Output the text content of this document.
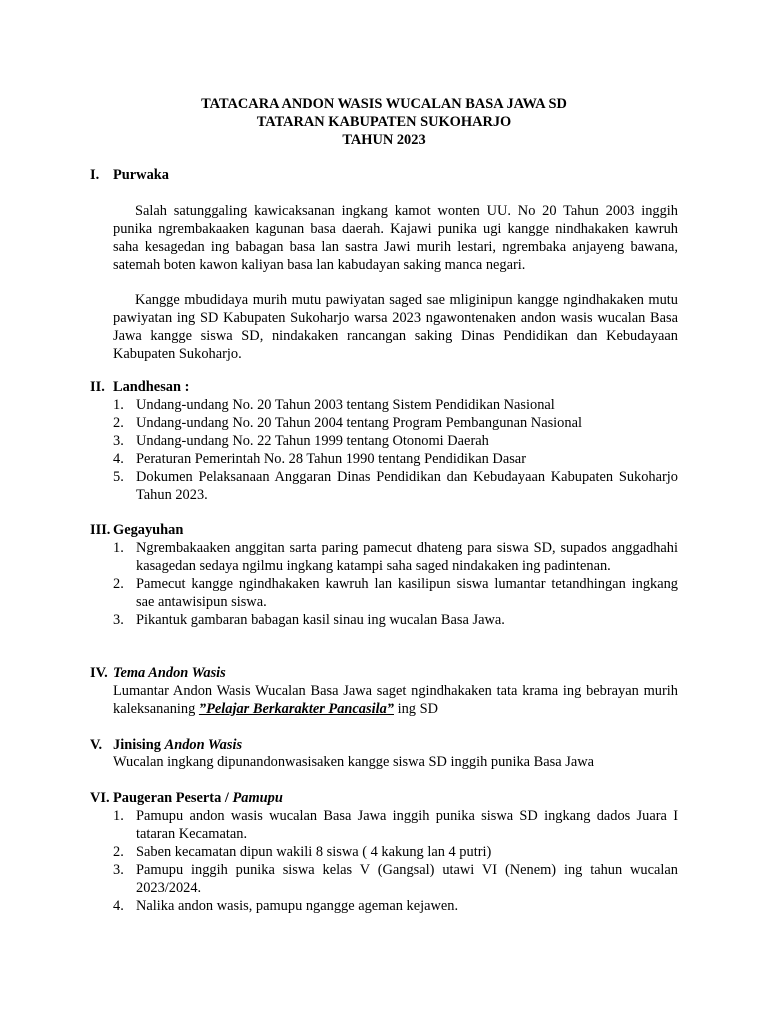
TATACARA ANDON WASIS WUCALAN BASA JAWA SD
TATARAN KABUPATEN SUKOHARJO
TAHUN 2023
I. Purwaka
Salah satunggaling kawicaksanan ingkang kamot wonten UU. No 20 Tahun 2003 inggih punika ngrembakaaken kagunan basa daerah. Kajawi punika ugi kangge nindhakaken kawruh saha kesagedan ing babagan basa lan sastra Jawi murih lestari, ngrembaka anjayeng bawana, satemah boten kawon kaliyan basa lan kabudayan saking manca negari.
Kangge mbudidaya murih mutu pawiyatan saged sae mliginipun kangge ngindhakaken mutu pawiyatan ing SD Kabupaten Sukoharjo warsa 2023 ngawontenaken andon wasis wucalan Basa Jawa kangge siswa SD, nindakaken rancangan saking Dinas Pendidikan dan Kebudayaan Kabupaten Sukoharjo.
II. Landhesan :
1. Undang-undang No. 20 Tahun 2003 tentang Sistem Pendidikan Nasional
2. Undang-undang No. 20 Tahun 2004 tentang Program Pembangunan Nasional
3. Undang-undang No. 22 Tahun 1999 tentang Otonomi Daerah
4. Peraturan Pemerintah No. 28 Tahun 1990 tentang Pendidikan Dasar
5. Dokumen Pelaksanaan Anggaran Dinas Pendidikan dan Kebudayaan Kabupaten Sukoharjo Tahun 2023.
III. Gegayuhan
1. Ngrembakaaken anggitan sarta paring pamecut dhateng para siswa SD, supados anggadhahi kasagedan sedaya ngilmu ingkang katampi saha saged nindakaken ing padintenan.
2. Pamecut kangge ngindhakaken kawruh lan kasilipun siswa lumantar tetandhingan ingkang sae antawisipun siswa.
3. Pikantuk gambaran babagan kasil sinau ing wucalan Basa Jawa.
IV. Tema Andon Wasis
Lumantar Andon Wasis Wucalan Basa Jawa saget ngindhakaken tata krama ing bebrayan murih kaleksananing ”Pelajar Berkarakter Pancasila” ing SD
V. Jinising Andon Wasis
Wucalan ingkang dipunandonwasisaken kangge siswa SD inggih punika Basa Jawa
VI. Paugeran Peserta / Pamupu
1. Pamupu andon wasis wucalan Basa Jawa inggih punika siswa SD ingkang dados Juara I tataran Kecamatan.
2. Saben kecamatan dipun wakili 8 siswa ( 4 kakung lan 4 putri)
3. Pamupu inggih punika siswa kelas V (Gangsal) utawi VI (Nenem) ing tahun wucalan 2023/2024.
4. Nalika andon wasis, pamupu ngangge ageman kejawen.
